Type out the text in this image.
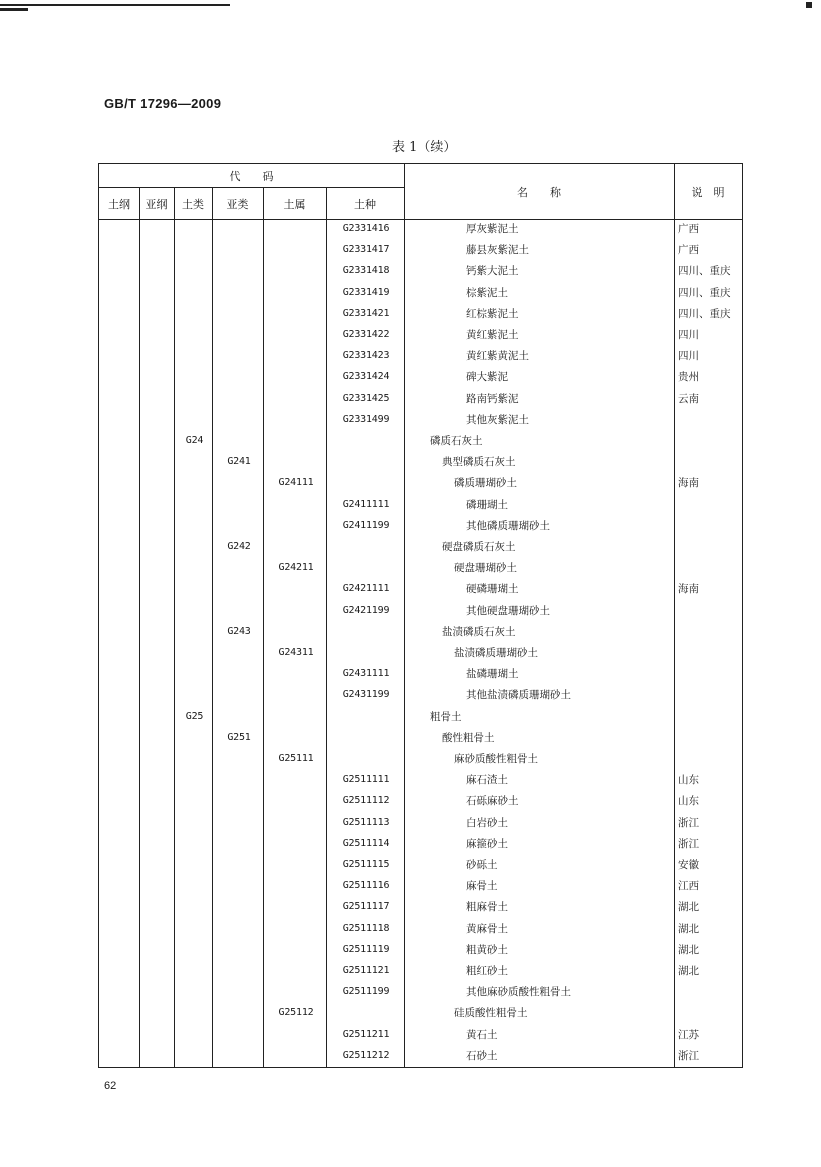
GB/T 17296—2009
表 1（续）
代　　码
土纲	亚纲	土类	亚类	土属	土种
名　　称	说　明
G2331416	厚灰紫泥土	广西
G2331417	藤县灰紫泥土	广西
G2331418	钙紫大泥土	四川、重庆
G2331419	棕紫泥土	四川、重庆
G2331421	红棕紫泥土	四川、重庆
G2331422	黄红紫泥土	四川
G2331423	黄红紫黄泥土	四川
G2331424	碑大紫泥	贵州
G2331425	路南钙紫泥	云南
G2331499	其他灰紫泥土
G24	磷质石灰土
G241	典型磷质石灰土
G24111	磷质珊瑚砂土	海南
G2411111	磷珊瑚土
G2411199	其他磷质珊瑚砂土
G242	硬盘磷质石灰土
G24211	硬盘珊瑚砂土
G2421111	硬磷珊瑚土	海南
G2421199	其他硬盘珊瑚砂土
G243	盐渍磷质石灰土
G24311	盐渍磷质珊瑚砂土
G2431111	盐磷珊瑚土
G2431199	其他盐渍磷质珊瑚砂土
G25	粗骨土
G251	酸性粗骨土
G25111	麻砂质酸性粗骨土
G2511111	麻石渣土	山东
G2511112	石砾麻砂土	山东
G2511113	白岩砂土	浙江
G2511114	麻箍砂土	浙江
G2511115	砂砾土	安徽
G2511116	麻骨土	江西
G2511117	粗麻骨土	湖北
G2511118	黄麻骨土	湖北
G2511119	粗黄砂土	湖北
G2511121	粗红砂土	湖北
G2511199	其他麻砂质酸性粗骨土
G25112	硅质酸性粗骨土
G2511211	黄石土	江苏
G2511212	石砂土	浙江
62
